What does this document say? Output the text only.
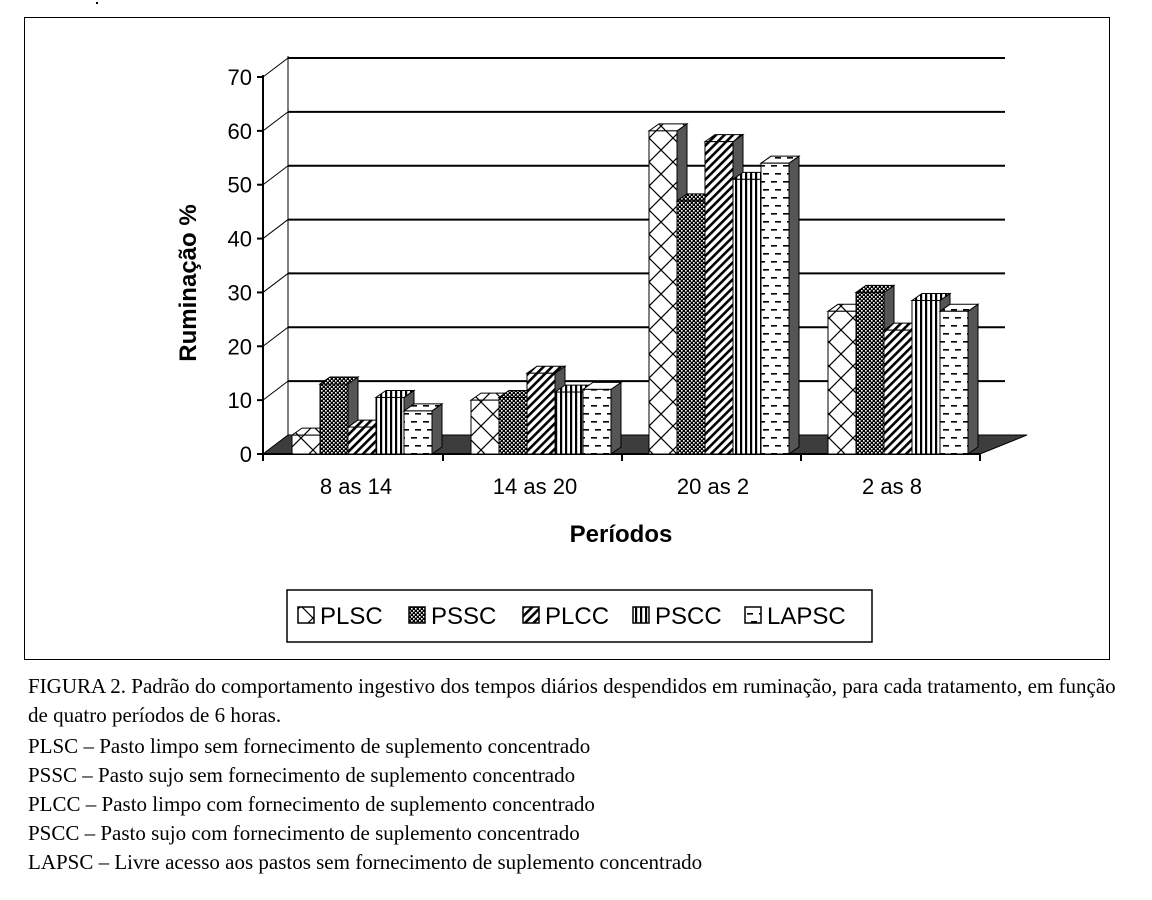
0
10
20
30
40
50
60
70
8 as 14	14 as 20	20 as 2	2 as 8
Ruminação %
Períodos
PLSC PSSC PLCC PSCC LAPSC
FIGURA 2. Padrão do comportamento ingestivo dos tempos diários despendidos em ruminação, para cada tratamento, em função de quatro períodos de 6 horas.
PLSC – Pasto limpo sem fornecimento de suplemento concentrado
PSSC – Pasto sujo sem fornecimento de suplemento concentrado
PLCC – Pasto limpo com fornecimento de suplemento concentrado
PSCC – Pasto sujo com fornecimento de suplemento concentrado
LAPSC – Livre acesso aos pastos sem fornecimento de suplemento concentrado
